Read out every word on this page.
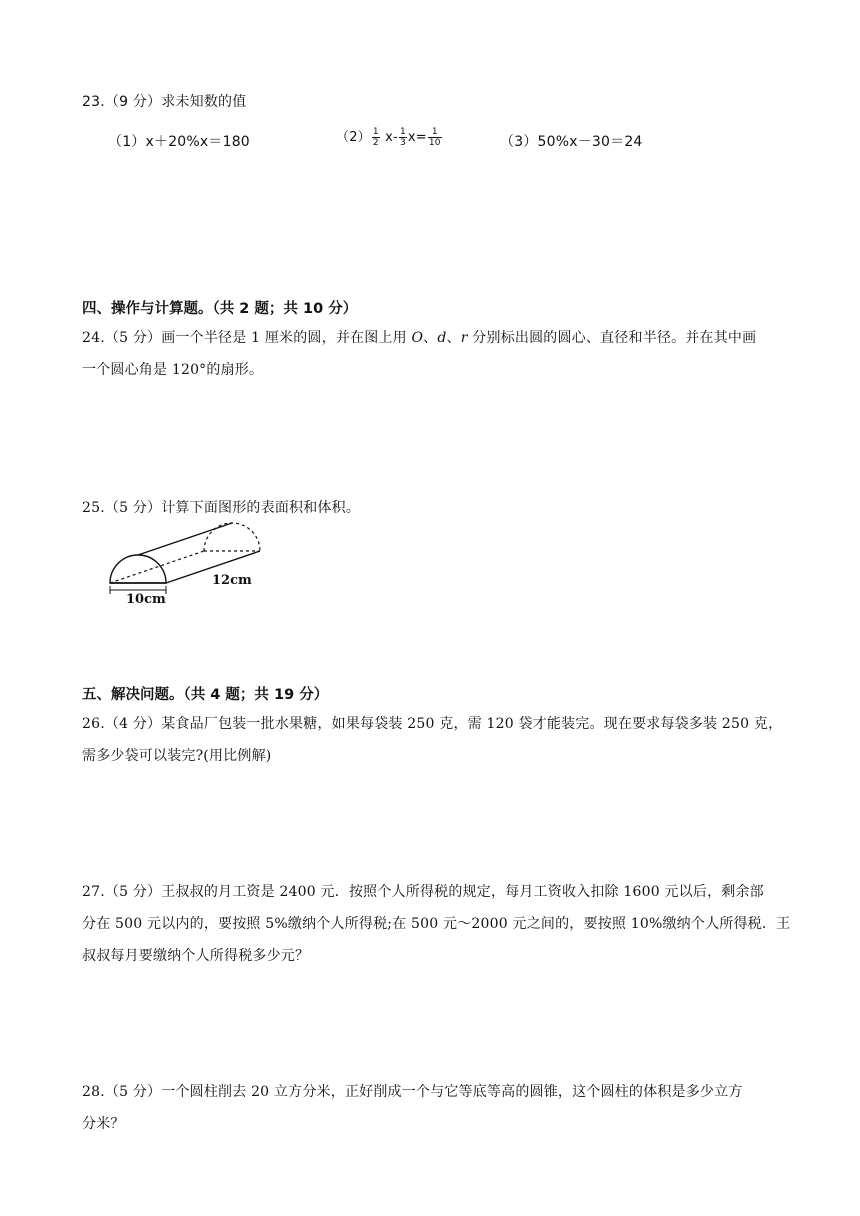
23.（9 分）求未知数的值
（1）x＋20%x＝180	$(2) \frac{1}{2} x- \frac{1}{3} x= \frac{1}{10}$	（3）50%x－30＝24
四、操作与计算题。（共 2 题；共 10 分）
24.（5 分）画一个半径是 1 厘米的圆，并在图上用 O、d、r 分别标出圆的圆心、直径和半径。并在其中画
一个圆心角是 120°的扇形。
25.（5 分）计算下面图形的表面积和体积。
12cm
10cm
五、解决问题。（共 4 题；共 19 分）
26.（4 分）某食品厂包装一批水果糖，如果每袋装 250 克，需 120 袋才能装完。现在要求每袋多装 250 克，
需多少袋可以装完?(用比例解)
27.（5 分）王叔叔的月工资是 2400 元．按照个人所得税的规定，每月工资收入扣除 1600 元以后，剩余部
分在 500 元以内的，要按照 5%缴纳个人所得税;在 500 元～2000 元之间的，要按照 10%缴纳个人所得税．王
叔叔每月要缴纳个人所得税多少元？
28.（5 分）一个圆柱削去 20 立方分米，正好削成一个与它等底等高的圆锥，这个圆柱的体积是多少立方
分米？
